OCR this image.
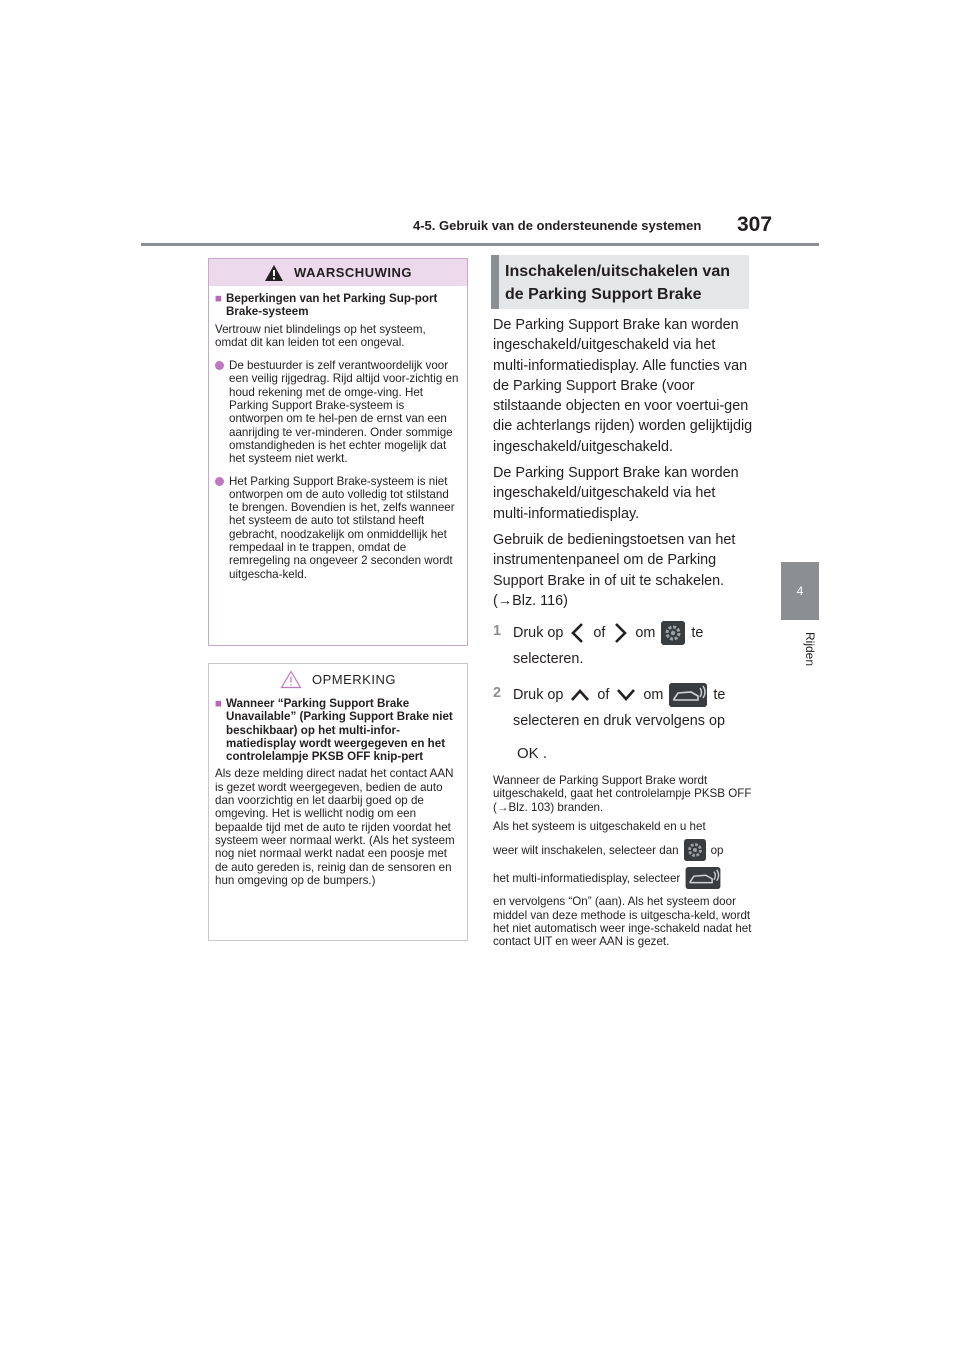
4-5. Gebruik van de ondersteunende systemen 307
4
Rijden
WAARSCHUWING
■ Beperkingen van het Parking Sup-port Brake-systeem

Vertrouw niet blindelings op het systeem, omdat dit kan leiden tot een ongeval.

De bestuurder is zelf verantwoordelijk voor een veilig rijgedrag. Rijd altijd voor-zichtig en houd rekening met de omge-ving. Het Parking Support Brake-systeem is ontworpen om te hel-pen de ernst van een aanrijding te ver-minderen. Onder sommige omstandigheden is het echter mogelijk dat het systeem niet werkt.
Het Parking Support Brake-systeem is niet ontworpen om de auto volledig tot stilstand te brengen. Bovendien is het, zelfs wanneer het systeem de auto tot stilstand heeft gebracht, noodzakelijk om onmiddellijk het rempedaal in te trappen, omdat de remregeling na ongeveer 2 seconden wordt uitgescha-keld.
OPMERKING
■ Wanneer “Parking Support Brake Unavailable” (Parking Support Brake niet beschikbaar) op het multi-infor-matiedisplay wordt weergegeven en het controlelampje PKSB OFF knip-pert

Als deze melding direct nadat het contact AAN is gezet wordt weergegeven, bedien de auto dan voorzichtig en let daarbij goed op de omgeving. Het is wellicht nodig om een bepaalde tijd met de auto te rijden voordat het systeem weer normaal werkt. (Als het systeem nog niet normaal werkt nadat een poosje met de auto gereden is, reinig dan de sensoren en hun omgeving op de bumpers.)

Inschakelen/uitschakelen van de Parking Support Brake

De Parking Support Brake kan worden ingeschakeld/uitgeschakeld via het multi-informatiedisplay. Alle functies van de Parking Support Brake (voor stilstaande objecten en voor voertui-gen die achterlangs rijden) worden gelijktijdig ingeschakeld/uitgeschakeld.

De Parking Support Brake kan worden ingeschakeld/uitgeschakeld via het multi-informatiedisplay.

Gebruik de bedieningstoetsen van het instrumentenpaneel om de Parking Support Brake in of uit te schakelen. (→Blz. 116)

1 Druk op of om	te
selecteren.
2 Druk op of om	te
selecteren en druk vervolgens op
OK .

Wanneer de Parking Support Brake wordt uitgeschakeld, gaat het controlelampje PKSB OFF (→Blz. 103) branden.

Als het systeem is uitgeschakeld en u het

weer wilt inschakelen, selecteer dan	op
het multi-informatiedisplay, selecteer

en vervolgens “On” (aan). Als het systeem door middel van deze methode is uitgescha-keld, wordt het niet automatisch weer inge-schakeld nadat het contact UIT en weer AAN is gezet.
